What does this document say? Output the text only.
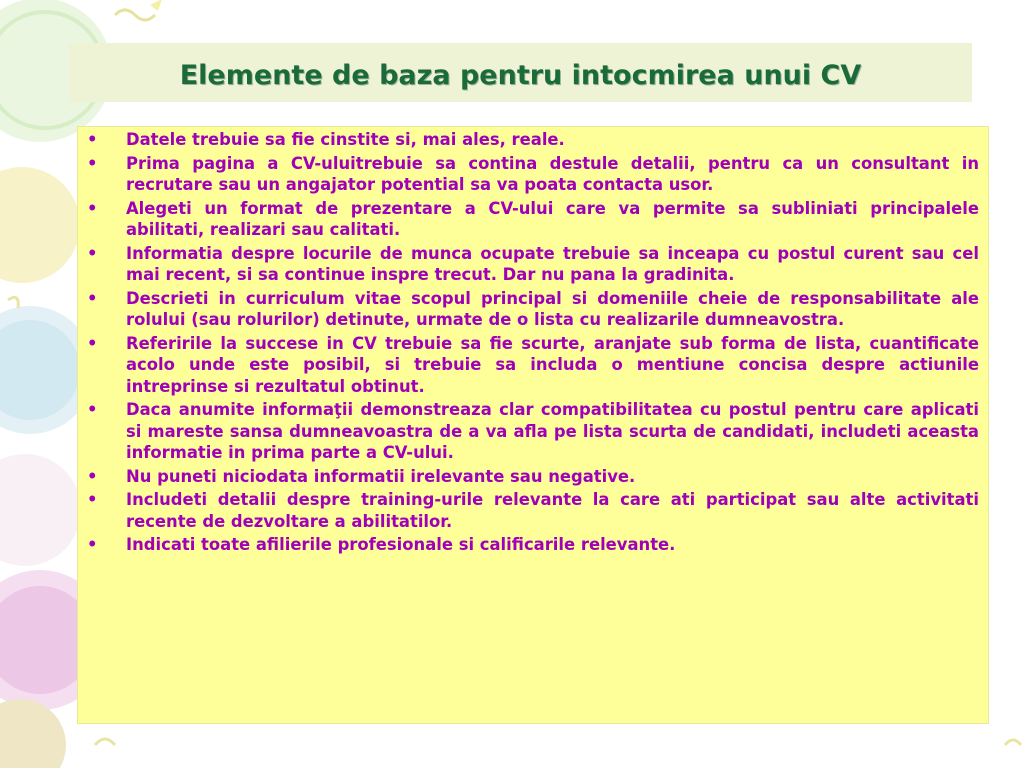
Elemente de baza pentru intocmirea unui CV
• Datele trebuie sa fie cinstite si, mai ales, reale.
• Prima pagina a CV-uluitrebuie sa contina destule detalii, pentru ca un consultant in recrutare sau un angajator potential sa va poata contacta usor.
• Alegeti un format de prezentare a CV-ului care va permite sa subliniati principalele abilitati, realizari sau calitati.
• Informatia despre locurile de munca ocupate trebuie sa inceapa cu postul curent sau cel mai recent, si sa continue inspre trecut. Dar nu pana la gradinita.
• Descrieti in curriculum vitae scopul principal si domeniile cheie de responsabilitate ale rolului (sau rolurilor) detinute, urmate de o lista cu realizarile dumneavostra.
• Referirile la succese in CV trebuie sa fie scurte, aranjate sub forma de lista, cuantificate acolo unde este posibil, si trebuie sa includa o mentiune concisa despre actiunile intreprinse si rezultatul obtinut.
• Daca anumite informaţii demonstreaza clar compatibilitatea cu postul pentru care aplicati si mareste sansa dumneavoastra de a va afla pe lista scurta de candidati, includeti aceasta informatie in prima parte a CV-ului.
• Nu puneti niciodata informatii irelevante sau negative.
• Includeti detalii despre training-urile relevante la care ati participat sau alte activitati recente de dezvoltare a abilitatilor.
• Indicati toate afilierile profesionale si calificarile relevante.
